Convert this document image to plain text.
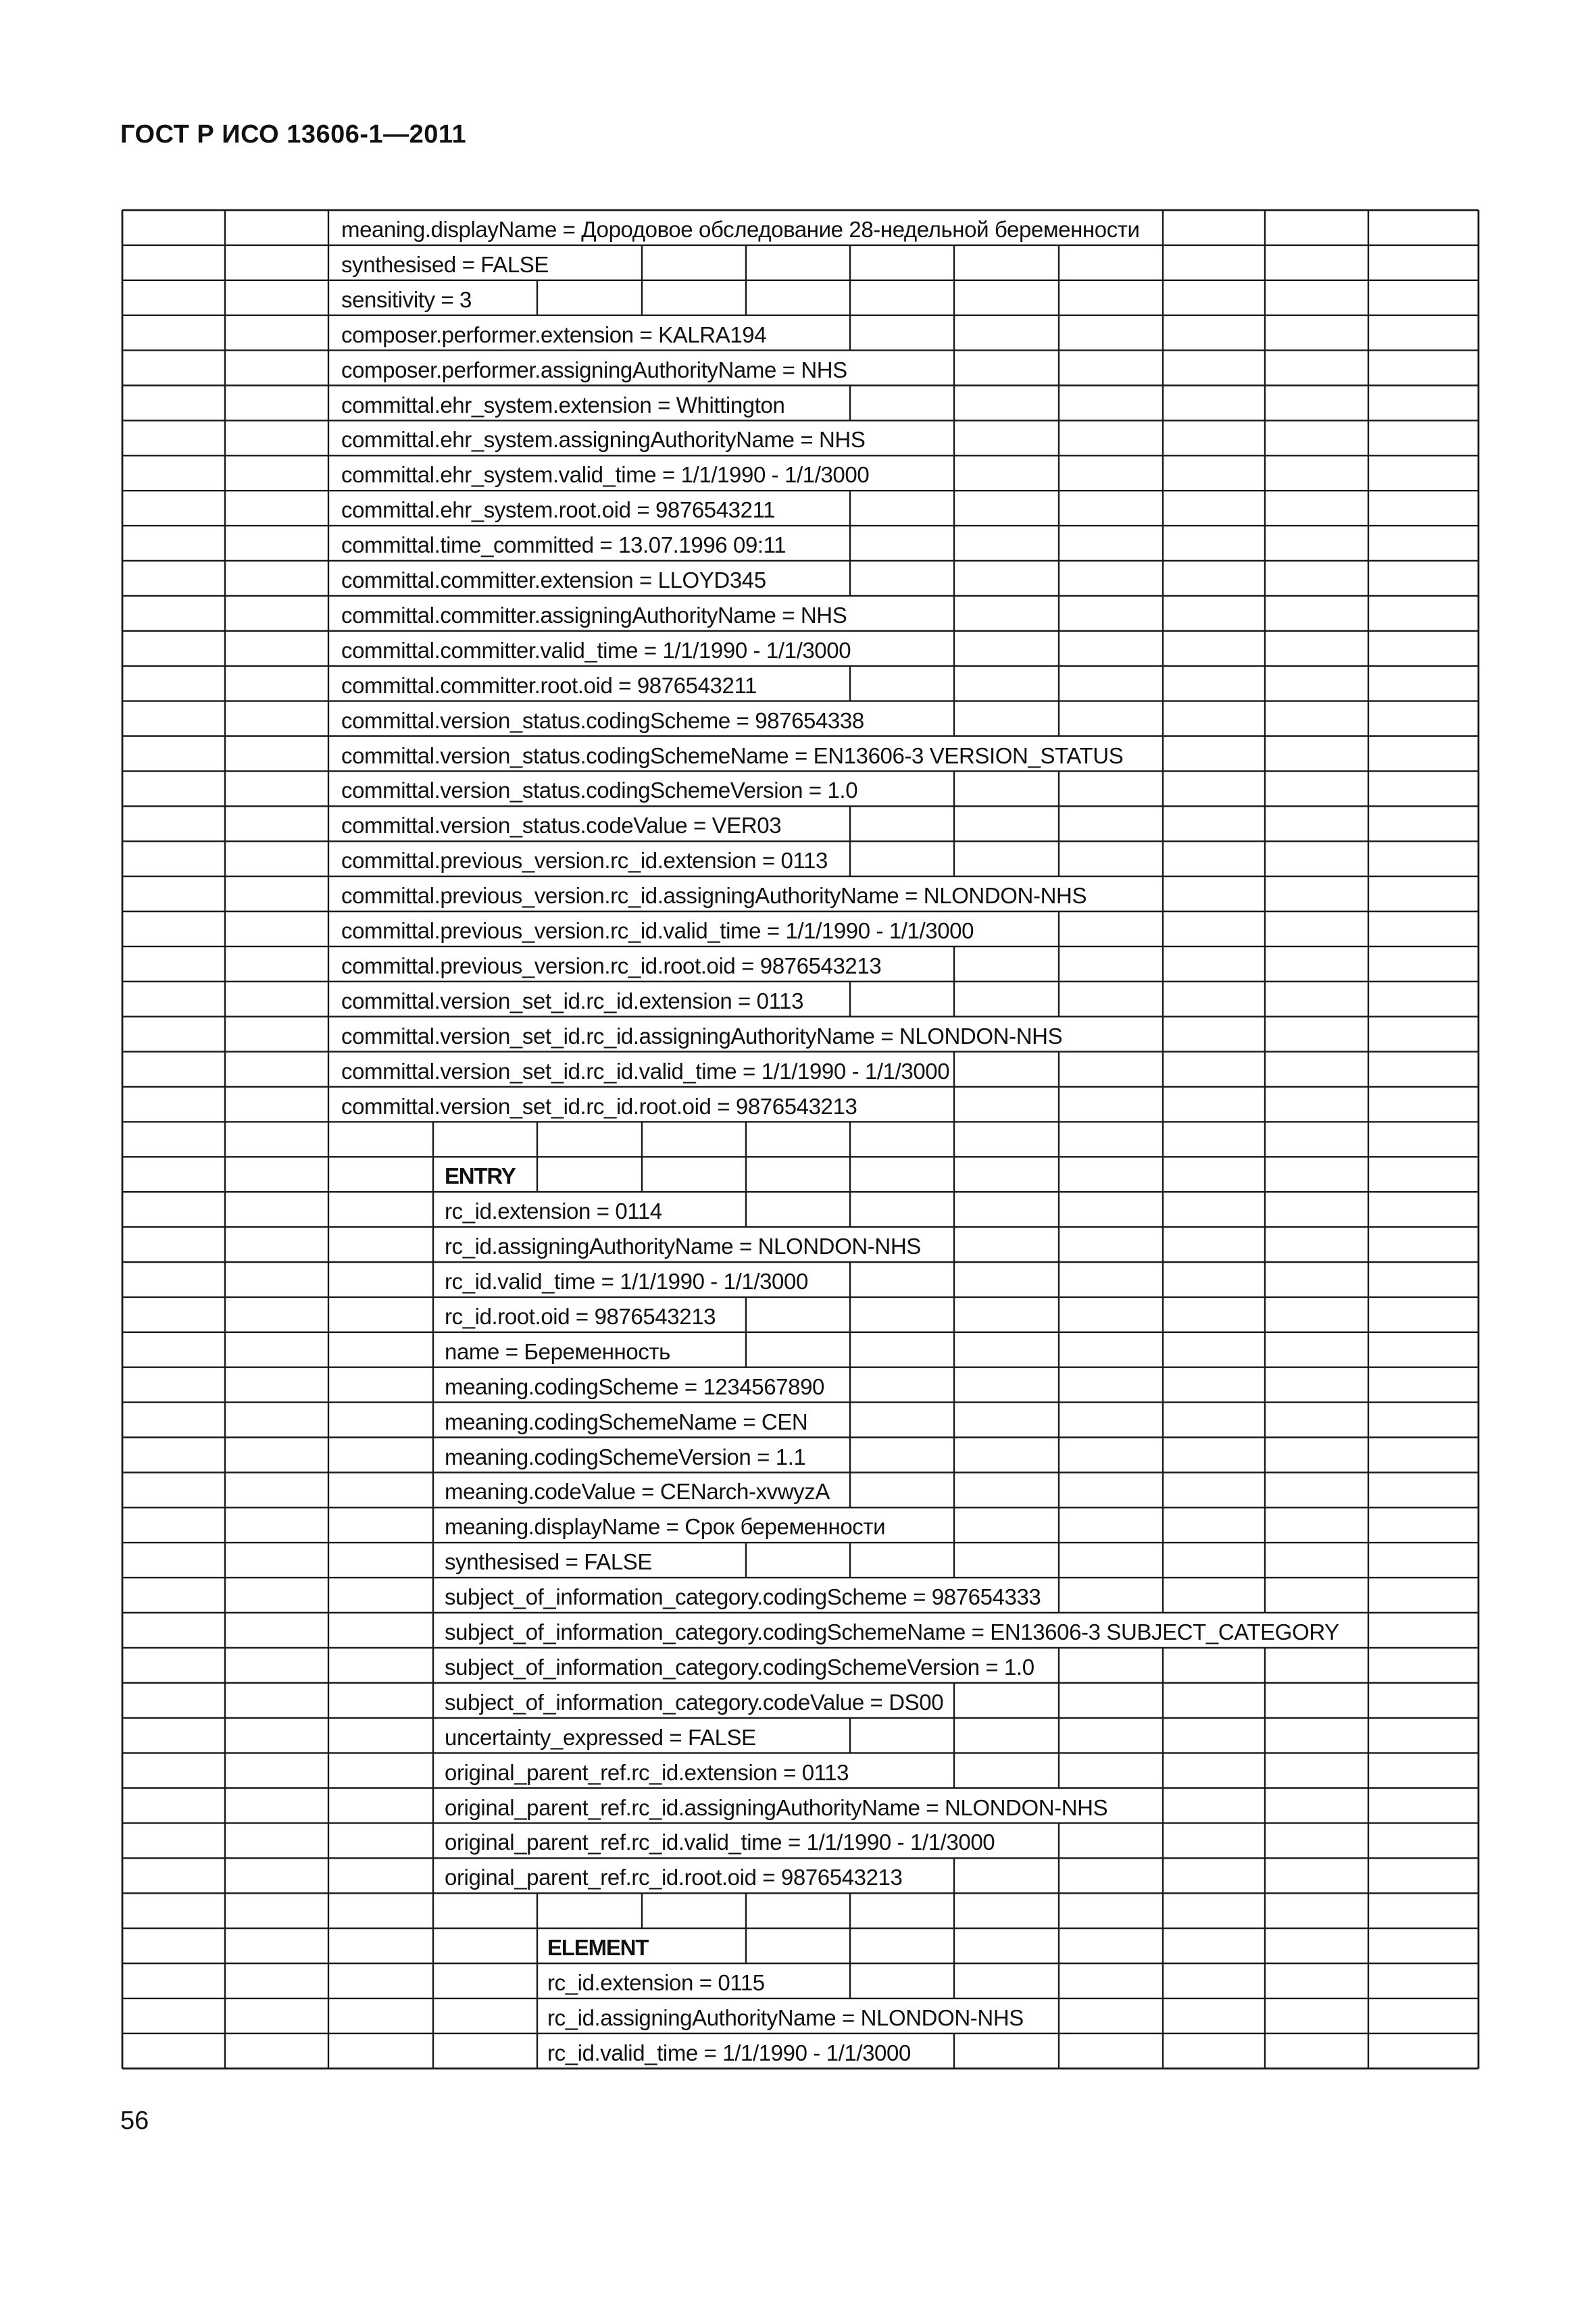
ГОСТ Р ИСО 13606-1—2011
meaning.displayName = Дородовое обследование 28-недельной беременности
synthesised = FALSE
sensitivity = 3
composer.performer.extension = KALRA194
composer.performer.assigningAuthorityName = NHS
committal.ehr_system.extension = Whittington
committal.ehr_system.assigningAuthorityName = NHS
committal.ehr_system.valid_time = 1/1/1990 - 1/1/3000
committal.ehr_system.root.oid = 9876543211
committal.time_committed = 13.07.1996 09:11
committal.committer.extension = LLOYD345
committal.committer.assigningAuthorityName = NHS
committal.committer.valid_time = 1/1/1990 - 1/1/3000
committal.committer.root.oid = 9876543211
committal.version_status.codingScheme = 987654338
committal.version_status.codingSchemeName = EN13606-3 VERSION_STATUS
committal.version_status.codingSchemeVersion = 1.0
committal.version_status.codeValue = VER03
committal.previous_version.rc_id.extension = 0113
committal.previous_version.rc_id.assigningAuthorityName = NLONDON-NHS
committal.previous_version.rc_id.valid_time = 1/1/1990 - 1/1/3000
committal.previous_version.rc_id.root.oid = 9876543213
committal.version_set_id.rc_id.extension = 0113
committal.version_set_id.rc_id.assigningAuthorityName = NLONDON-NHS
committal.version_set_id.rc_id.valid_time = 1/1/1990 - 1/1/3000
committal.version_set_id.rc_id.root.oid = 9876543213
ENTRY
rc_id.extension = 0114
rc_id.assigningAuthorityName = NLONDON-NHS
rc_id.valid_time = 1/1/1990 - 1/1/3000
rc_id.root.oid = 9876543213
name = Беременность
meaning.codingScheme = 1234567890
meaning.codingSchemeName = CEN
meaning.codingSchemeVersion = 1.1
meaning.codeValue = CENarch-xvwyzA
meaning.displayName = Срок беременности
synthesised = FALSE
subject_of_information_category.codingScheme = 987654333
subject_of_information_category.codingSchemeName = EN13606-3 SUBJECT_CATEGORY
subject_of_information_category.codingSchemeVersion = 1.0
subject_of_information_category.codeValue = DS00
uncertainty_expressed = FALSE
original_parent_ref.rc_id.extension = 0113
original_parent_ref.rc_id.assigningAuthorityName = NLONDON-NHS
original_parent_ref.rc_id.valid_time = 1/1/1990 - 1/1/3000
original_parent_ref.rc_id.root.oid = 9876543213
ELEMENT
rc_id.extension = 0115
rc_id.assigningAuthorityName = NLONDON-NHS
rc_id.valid_time = 1/1/1990 - 1/1/3000
56
